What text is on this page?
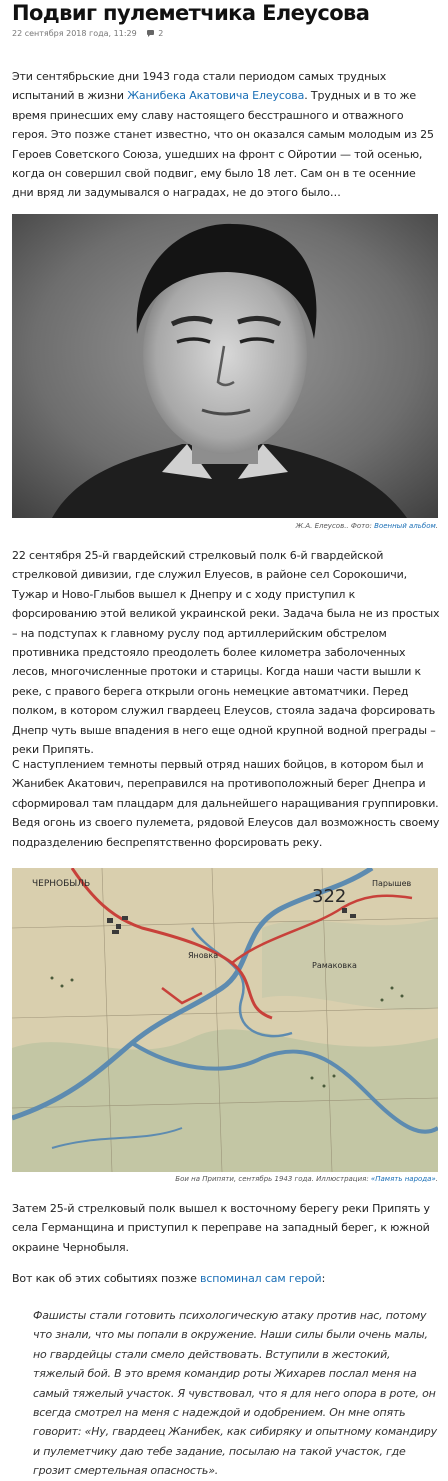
Подвиг пулеметчика Елеусова
22 сентября 2018 года, 11:29	2

Эти сентябрьские дни 1943 года стали периодом самых трудных испытаний в жизни Жанибека Акатовича Елеусова. Трудных и в то же время принесших ему славу настоящего бесстрашного и отважного героя. Это позже станет известно, что он оказался самым молодым из 25 Героев Советского Союза, ушедших на фронт с Ойротии — той осенью, когда он совершил свой подвиг, ему было 18 лет. Сам он в те осенние дни вряд ли задумывался о наградах, не до этого было…

Ж.А. Елеусов.. Фото: Военный альбом.

22 сентября 25-й гвардейский стрелковый полк 6-й гвардейской стрелковой дивизии, где служил Елуесов, в районе сел Сорокошичи, Тужар и Ново-Глыбов вышел к Днепру и с ходу приступил к форсированию этой великой украинской реки. Задача была не из простых – на подступах к главному руслу под артиллерийским обстрелом противника предстояло преодолеть более километра заболоченных лесов, многочисленные протоки и старицы. Когда наши части вышли к реке, с правого берега открыли огонь немецкие автоматчики. Перед полком, в котором служил гвардеец Елеусов, стояла задача форсировать Днепр чуть выше впадения в него еще одной крупной водной преграды – реки Припять.

С наступлением темноты первый отряд наших бойцов, в котором был и Жанибек Акатович, переправился на противоположный берег Днепра и сформировал там плацдарм для дальнейшего наращивания группировки. Ведя огонь из своего пулемета, рядовой Елеусов дал возможность своему подразделению беспрепятственно форсировать реку.

ЧЕРНОБЫЛЬ
322
Яновка
Парышев
Рамаковка
Бои на Припяти, сентябрь 1943 года. Иллюстрация: «Память народа».

Затем 25-й стрелковый полк вышел к восточному берегу реки Припять у села Германщина и приступил к переправе на западный берег, к южной окраине Чернобыля.

Вот как об этих событиях позже вспоминал сам герой:

Фашисты стали готовить психологическую атаку против нас, потому что знали, что мы попали в окружение. Наши силы были очень малы, но гвардейцы стали смело действовать. Вступили в жестокий, тяжелый бой. В это время командир роты Жихарев послал меня на самый тяжелый участок. Я чувствовал, что я для него опора в роте, он всегда смотрел на меня с надеждой и одобрением. Он мне опять говорит: «Ну, гвардеец Жанибек, как сибиряку и опытному командиру и пулеметчику даю тебе задание, посылаю на такой участок, где грозит смертельная опасность».
